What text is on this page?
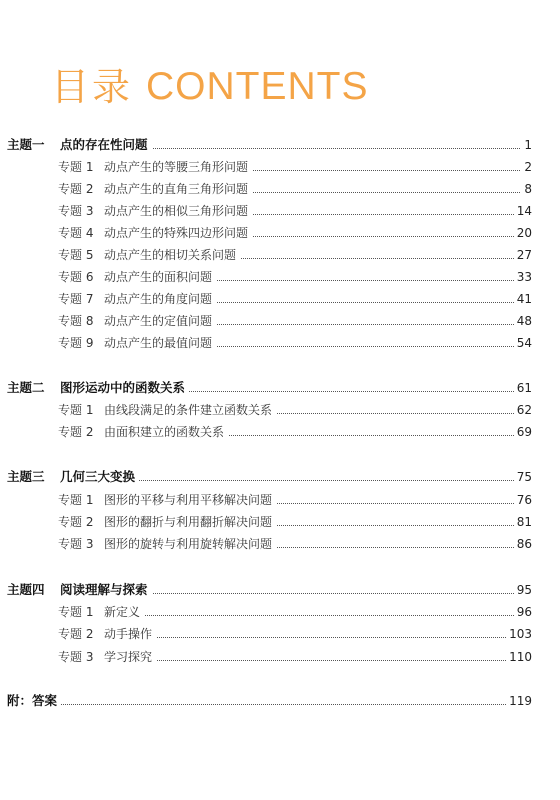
目录 CONTENTS
主题一 点的存在性问题	1
专题 1 动点产生的等腰三角形问题	2
专题 2 动点产生的直角三角形问题	8
专题 3 动点产生的相似三角形问题	14
专题 4 动点产生的特殊四边形问题	20
专题 5 动点产生的相切关系问题	27
专题 6 动点产生的面积问题	33
专题 7 动点产生的角度问题	41
专题 8 动点产生的定值问题	48
专题 9 动点产生的最值问题	54
主题二 图形运动中的函数关系	61
专题 1 由线段满足的条件建立函数关系	62
专题 2 由面积建立的函数关系	69
主题三 几何三大变换	75
专题 1 图形的平移与利用平移解决问题	76
专题 2 图形的翻折与利用翻折解决问题	81
专题 3 图形的旋转与利用旋转解决问题	86
主题四 阅读理解与探索	95
专题 1 新定义	96
专题 2 动手操作	103
专题 3 学习探究	110
附：答案	119
